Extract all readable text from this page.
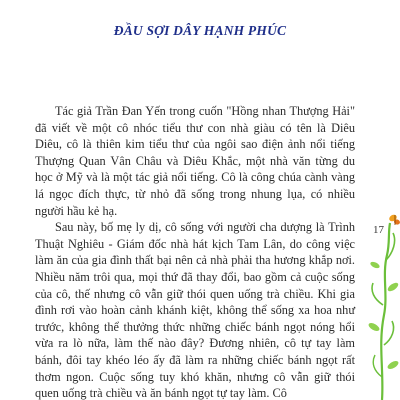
ĐẦU SỢI DÂY HẠNH PHÚC

Tác giả Trần Đan Yến trong cuốn "Hồng nhan Thượng Hải" đã viết về một cô nhóc tiểu thư con nhà giàu có tên là Diêu Diêu, cô là thiên kim tiểu thư của ngôi sao điện ảnh nổi tiếng Thượng Quan Vân Châu và Diêu Khắc, một nhà văn từng du học ở Mỹ và là một tác giả nổi tiếng. Cô là công chúa cành vàng lá ngọc đích thực, từ nhỏ đã sống trong nhung lụa, có nhiều người hầu kẻ hạ.

Sau này, bố mẹ ly dị, cô sống với người cha dượng là Trình Thuật Nghiêu - Giám đốc nhà hát kịch Tam Lân, do công việc làm ăn của gia đình thất bại nên cả nhà phải tha hương khắp nơi. Nhiều năm trôi qua, mọi thứ đã thay đổi, bao gồm cả cuộc sống của cô, thế nhưng cô vẫn giữ thói quen uống trà chiều. Khi gia đình rơi vào hoàn cảnh khánh kiệt, không thể sống xa hoa như trước, không thể thưởng thức những chiếc bánh ngọt nóng hổi vừa ra lò nữa, làm thế nào đây? Đương nhiên, cô tự tay làm bánh, đôi tay khéo léo ấy đã làm ra những chiếc bánh ngọt rất thơm ngon. Cuộc sống tuy khó khăn, nhưng cô vẫn giữ thói quen uống trà chiều và ăn bánh ngọt tự tay làm. Cô

17
